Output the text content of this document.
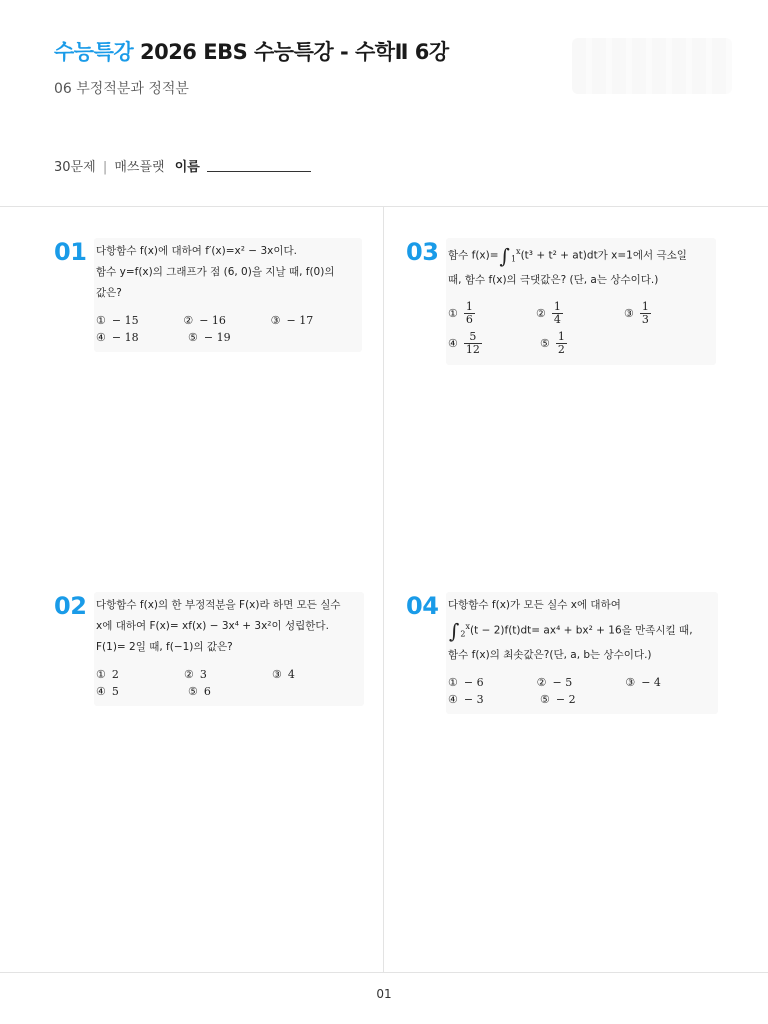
수능특강 2026 EBS 수능특강 - 수학Ⅱ 6강
06 부정적분과 정적분
30문제 | 매쓰플랫 이름
01 다항함수 f(x)에 대하여 f′(x)=x² − 3x이다.

함수 y=f(x)의 그래프가 점 (6, 0)을 지날 때, f(0)의

값은?

① − 15	② − 16	③ − 17
④ − 18	⑤ − 19
03 함수 $f(x)=\int_1^x(t^3 + t^2 + at)dt$가 x=1에서 극소일

때, 함수 f(x)의 극댓값은? (단, a는 상수이다.)

① $\frac{1}{6}$	② $\frac{1}{4}$	③ $\frac{1}{3}$
④ $\frac{5}{12}$	⑤ $\frac{1}{2}$
02 다항함수 f(x)의 한 부정적분을 F(x)라 하면 모든 실수

x에 대하여 F(x)= xf(x) − 3x⁴ + 3x²이 성립한다.

F(1)= 2일 때, f(−1)의 값은?

① 2	② 3	③ 4
④ 5	⑤ 6
04 다항함수 f(x)가 모든 실수 x에 대하여

$\int_2^x(t - 2)f(t)dt= ax^4 + bx^2 + 16$을 만족시킬 때,

함수 f(x)의 최솟값은?(단, a, b는 상수이다.)

① − 6	② − 5	③ − 4
④ − 3	⑤ − 2
01
